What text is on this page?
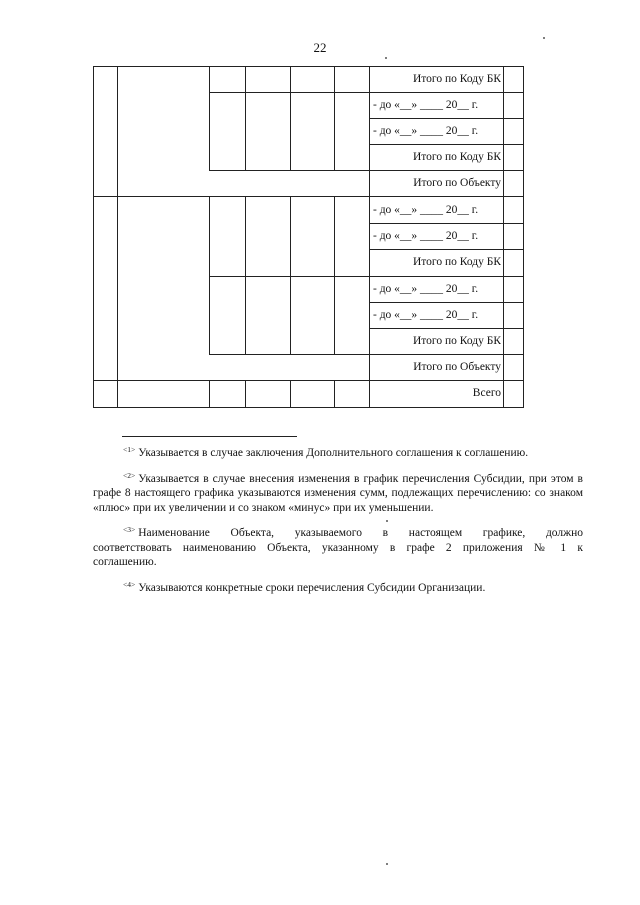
22
Итого по Коду БК
- до «__» ____ 20__ г.
- до «__» ____ 20__ г.
Итого по Коду БК
Итого по Объекту
- до «__» ____ 20__ г.
- до «__» ____ 20__ г.
Итого по Коду БК
- до «__» ____ 20__ г.
- до «__» ____ 20__ г.
Итого по Коду БК
Итого по Объекту
Всего

$^{<1>}$ Указывается в случае заключения Дополнительного соглашения к соглашению.

$^{<2>}$ Указывается в случае внесения изменения в график перечисления Субсидии, при этом в графе 8 настоящего графика указываются изменения сумм, подлежащих перечислению: со знаком «плюс» при их увеличении и со знаком «минус» при их уменьшении.

$^{<3>}$ Наименование Объекта, указываемого в настоящем графике, должно соответствовать наименованию Объекта, указанному в графе 2 приложения № 1 к соглашению.

$^{<4>}$ Указываются конкретные сроки перечисления Субсидии Организации.
